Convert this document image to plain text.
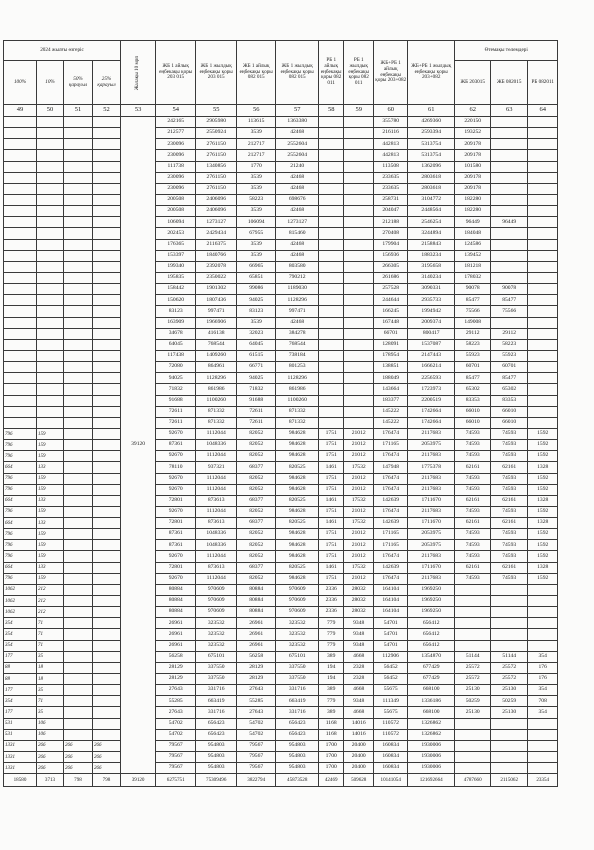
2024 жылғы өзгеріс				Жалақы 10 мрп	ЖБ 1 айлық еңбекақы қоры 203 015	ЖБ 1 жылдық еңбекақы қоры 203 015	ЖБ 1 айлық еңбекақы қоры 082 015	ЖБ 1 жылдық еңбекақы қоры 082 015	РБ 1 айлық еңбекақы қоры 082 011	РБ 1 жылдық еңбекақы қоры 082 011	ЖБ+РБ 1 айлық еңбекақы қоры 203+082	ЖБ+РБ 1 жылдық еңбекақы қоры 203+082	Өтемақы төлемдері		
100%	10%	50% қарауыл	25% қарауыл										ЖБ 203015	ЖБ 082015	РБ 082011
49	50	51	52	53	54	55	56	57	58	59	60	61	62	63	64
				39120	242165	2905980	113615	1363380			355780	4269360	220150		
					212577	2550924	3539	42468			216116	2593394	193252		
					230096	2761150	212717	2552604			442813	5313754	209178		
					230096	2761150	212717	2552604			442813	5313754	209178		
					111738	1340856	1770	21240			113508	1362096	101580		
					230096	2761150	3539	42468			233635	2803618	209178		
					230096	2761150	3539	42468			233635	2803618	209178		
					200508	2406096	58223	698676			258731	3104772	182280		
					200508	2406096	3539	42468			204047	2448564	182280		
					106094	1273127	106094	1273127			212188	2546254	96449	96449	
					202453	2429434	67955	815460			270408	3244894	184048		
					176365	2116375	3539	42468			179904	2158843	124586		
					153397	1840766	3539	42468			156936	1883234	139452		
					199340	2392078	66965	803580			266305	3195658	181218		
					195835	2350022	65851	790212			261686	3140234	178032		
					158442	1901302	99086	1189030			257528	3090331	90078	90078	
					150620	1807436	94025	1128296			244644	2935733	85477	85477	
					83123	997471	83123	997471			166245	1994942	75566	75566	
					163909	1966906	3539	42468			167448	2009374	149008		
					34678	416138	32023	384278			66701	800417	29112	29112	
					64045	768544	64045	768544			128091	1537087	58223	58223	
					117438	1409260	61515	738184			178954	2147443	55923	55923	
					72080	864961	66771	801253			138851	1666214	60701	60701	
					94025	1128296	94025	1128296			188049	2256593	85477	85477	
					71832	861986	71832	861986			143664	1723973	65302	65302	
					91688	1100260	91688	1100260			183377	2200519	83353	83353	
					72611	871332	72611	871332			145222	1742664	66010	66010	
					72611	871332	72611	871332			145222	1742664	66010	66010	
796	159				92670	1112044	82052	984628	1751	21012	176474	2117683	74593	74593	1592
796	159				87361	1048336	82052	984628	1751	21012	171165	2053975	74593	74593	1592
796	159				92670	1112044	82052	984628	1751	21012	176474	2117683	74593	74593	1592
664	133				78110	937321	68377	820525	1461	17532	147948	1775378	62161	62161	1328
796	159				92670	1112044	82052	984628	1751	21012	176474	2117683	74593	74593	1592
796	159				92670	1112044	82052	984628	1751	21012	176474	2117683	74593	74593	1592
664	133				72801	873613	68377	820525	1461	17532	142639	1711670	62161	62161	1328
796	159				92670	1112044	82052	984628	1751	21012	176474	2117683	74593	74593	1592
664	133				72801	873613	68377	820525	1461	17532	142639	1711670	62161	62161	1328
796	159				87361	1048336	82052	984628	1751	21012	171165	2053975	74593	74593	1592
796	159				87361	1048336	82052	984628	1751	21012	171165	2053975	74593	74593	1592
796	159				92670	1112044	82052	984628	1751	21012	176474	2117683	74593	74593	1592
664	133				72801	873613	68377	820525	1461	17532	142639	1711670	62161	62161	1328
796	159				92670	1112044	82052	984628	1751	21012	176474	2117683	74593	74593	1592
1062	212				80884	970609	80884	970609	2336	28032	164104	1969250			
1062	212				80884	970609	80884	970609	2336	28032	164104	1969250			
1062	212				80884	970609	80884	970609	2336	28032	164104	1969250			
354	71				26961	323532	26961	323532	779	9348	54701	656412			
354	71				26961	323532	26961	323532	779	9348	54701	656412			
354	71				26961	323532	26961	323532	779	9348	54701	656412			
177	35				56258	675101	56258	675101	389	4668	112906	1354870	51144	51144	354
88	18				28129	337550	28129	337550	194	2328	56452	677429	25572	25572	176
88	18				28129	337550	28129	337550	194	2328	56452	677429	25572	25572	176
177	35				27643	331716	27643	331716	389	4668	55675	668100	25130	25130	354
354	71				55285	663419	55285	663419	779	9348	111349	1336186	50259	50259	708
177	35				27643	331716	27643	331716	389	4668	55675	668100	25130	25130	354
531	106				54702	656423	54702	656423	1168	14016	110572	1326862			
531	106				54702	656423	54702	656423	1168	14016	110572	1326862			
1331	266	266	266		79567	954803	79567	954803	1700	20400	160834	1930006			
1331	266	266	266		79567	954803	79567	954803	1700	20400	160834	1930006			
1331	266	266	266		79567	954803	79567	954803	1700	20400	160834	1930006			
18580	3713	798	798	39120	6275751	75309496	3822794	45873528	42469	509628	10141054	121692664	4787660	2115062	23354
